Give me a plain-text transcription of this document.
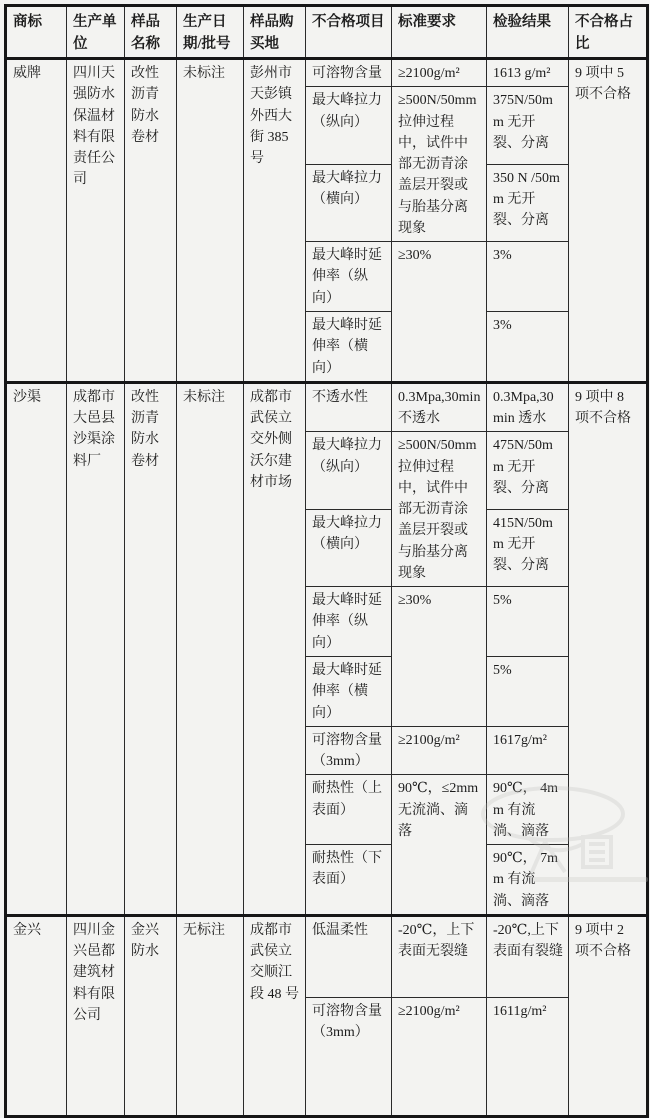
商标	生产单位	样品名称	生产日期/批号	样品购买地	不合格项目	标准要求	检验结果	不合格占比
威牌	四川天强防水保温材料有限责任公司	改性沥青防水卷材	未标注	彭州市天彭镇外西大街 385 号	可溶物含量	≥2100g/m²	1613 g/m²	9 项中 5 项不合格
					最大峰拉力（纵向）	≥500N/50mm 拉伸过程中，试件中部无沥青涂盖层开裂或与胎基分离现象	375N/50mm 无开裂、分离	
					最大峰拉力（横向）		350 N /50mm 无开裂、分离	
					最大峰时延伸率（纵向）	≥30%	3%	
					最大峰时延伸率（横向）		3%	
沙渠	成都市大邑县沙渠涂料厂	改性沥青防水卷材	未标注	成都市武侯立交外侧沃尔建材市场	不透水性	0.3Mpa,30min 不透水	0.3Mpa,30min 透水	9 项中 8 项不合格
					最大峰拉力（纵向）	≥500N/50mm 拉伸过程中，试件中部无沥青涂盖层开裂或与胎基分离现象	475N/50mm 无开裂、分离	
					最大峰拉力（横向）		415N/50mm 无开裂、分离	
					最大峰时延伸率（纵向）	≥30%	5%	
					最大峰时延伸率（横向）		5%	
					可溶物含量（3mm）	≥2100g/m²	1617g/m²	
					耐热性（上表面）	90℃，≤2mm 无流淌、滴落	90℃， 4mm 有流淌、滴落	
					耐热性（下表面）		90℃， 7mm 有流淌、滴落	
金兴	四川金兴邑都建筑材料有限公司	金兴防水	无标注	成都市武侯立交顺江段 48 号	低温柔性	-20℃，上下表面无裂缝	-20℃,上下表面有裂缝	9 项中 2 项不合格
					可溶物含量（3mm）	≥2100g/m²	1611g/m²	
